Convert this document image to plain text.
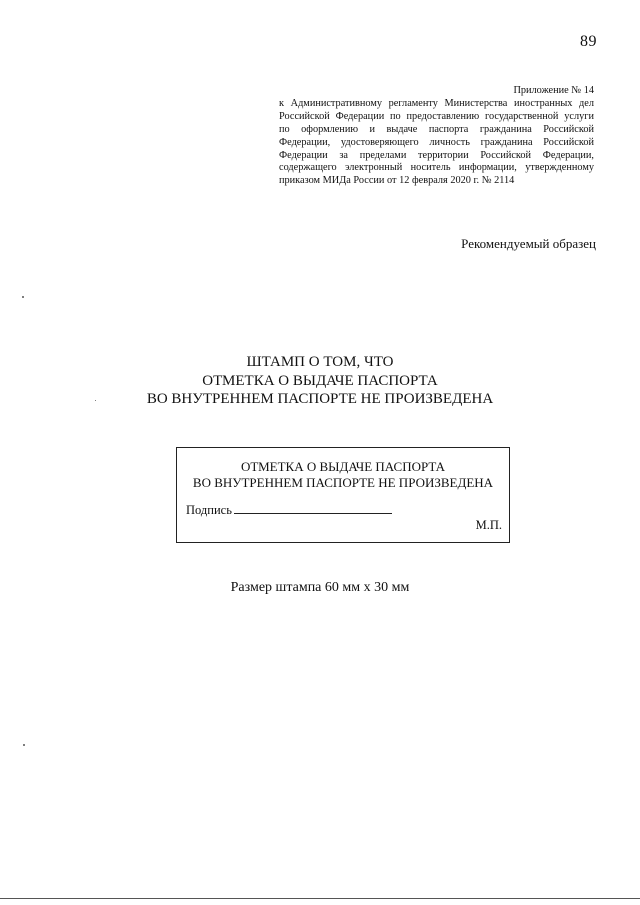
89
Приложение № 14
к Административному регламенту Министерства иностранных дел
Российской Федерации по предоставлению государственной услуги
по оформлению и выдаче паспорта гражданина Российской
Федерации, удостоверяющего личность гражданина Российской
Федерации за пределами территории Российской Федерации,
содержащего электронный носитель информации, утвержденному
приказом МИДа России от 12 февраля 2020 г. № 2114
Рекомендуемый образец
ШТАМП О ТОМ, ЧТО
ОТМЕТКА О ВЫДАЧЕ ПАСПОРТА
ВО ВНУТРЕННЕМ ПАСПОРТЕ НЕ ПРОИЗВЕДЕНА
ОТМЕТКА О ВЫДАЧЕ ПАСПОРТА
ВО ВНУТРЕННЕМ ПАСПОРТЕ НЕ ПРОИЗВЕДЕНА
Подпись
М.П.
Размер штампа 60 мм х 30 мм
